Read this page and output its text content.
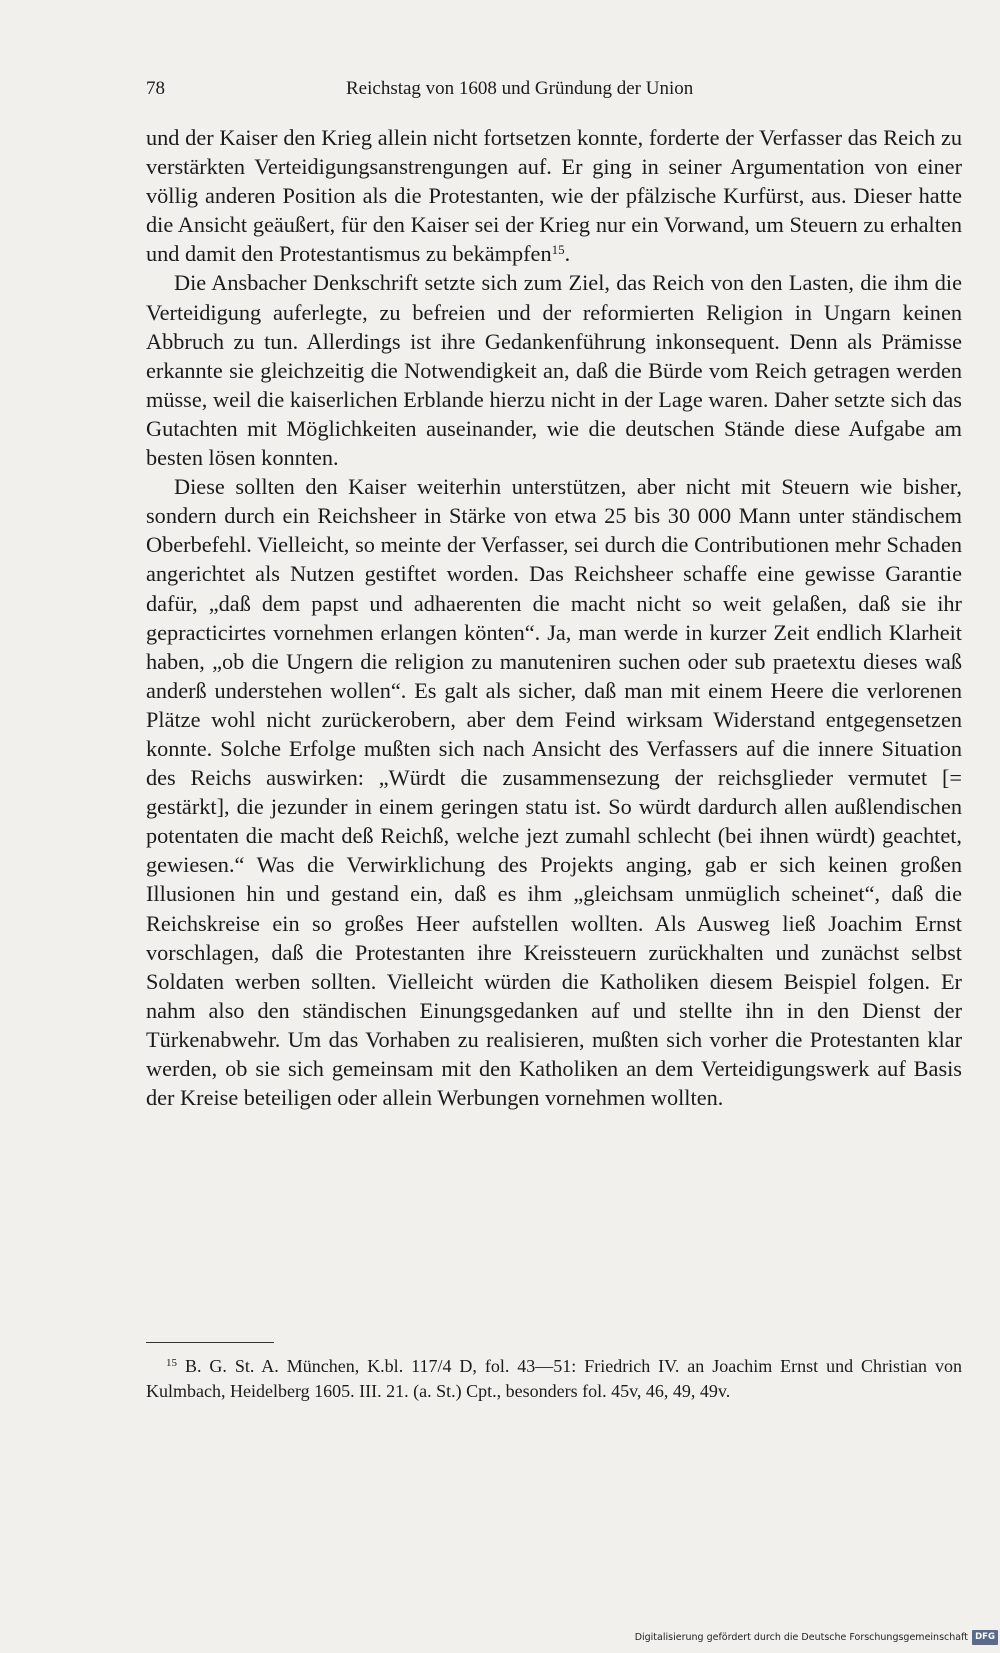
78	Reichstag von 1608 und Gründung der Union

und der Kaiser den Krieg allein nicht fortsetzen konnte, forderte der Verfasser das Reich zu verstärkten Verteidigungsanstrengungen auf. Er ging in seiner Argumentation von einer völlig anderen Position als die Protestanten, wie der pfälzische Kurfürst, aus. Dieser hatte die Ansicht geäußert, für den Kaiser sei der Krieg nur ein Vorwand, um Steuern zu erhalten und damit den Protestantismus zu bekämpfen$^{15}$.

Die Ansbacher Denkschrift setzte sich zum Ziel, das Reich von den Lasten, die ihm die Verteidigung auferlegte, zu befreien und der reformierten Religion in Ungarn keinen Abbruch zu tun. Allerdings ist ihre Gedankenführung inkonsequent. Denn als Prämisse erkannte sie gleichzeitig die Notwendigkeit an, daß die Bürde vom Reich getragen werden müsse, weil die kaiserlichen Erblande hierzu nicht in der Lage waren. Daher setzte sich das Gutachten mit Möglichkeiten auseinander, wie die deutschen Stände diese Aufgabe am besten lösen konnten.

Diese sollten den Kaiser weiterhin unterstützen, aber nicht mit Steuern wie bisher, sondern durch ein Reichsheer in Stärke von etwa 25 bis 30 000 Mann unter ständischem Oberbefehl. Vielleicht, so meinte der Verfasser, sei durch die Contributionen mehr Schaden angerichtet als Nutzen gestiftet worden. Das Reichsheer schaffe eine gewisse Garantie dafür, „daß dem papst und adhaerenten die macht nicht so weit gelaßen, daß sie ihr gepracticirtes vornehmen erlangen könten“. Ja, man werde in kurzer Zeit endlich Klarheit haben, „ob die Ungern die religion zu manuteniren suchen oder sub praetextu dieses waß anderß understehen wollen“. Es galt als sicher, daß man mit einem Heere die verlorenen Plätze wohl nicht zurückerobern, aber dem Feind wirksam Widerstand entgegensetzen konnte. Solche Erfolge mußten sich nach Ansicht des Verfassers auf die innere Situation des Reichs auswirken: „Würdt die zusammensezung der reichsglieder vermutet [= gestärkt], die jezunder in einem geringen statu ist. So würdt dardurch allen außlendischen potentaten die macht deß Reichß, welche jezt zumahl schlecht (bei ihnen würdt) geachtet, gewiesen.“ Was die Verwirklichung des Projekts anging, gab er sich keinen großen Illusionen hin und gestand ein, daß es ihm „gleichsam unmüglich scheinet“, daß die Reichskreise ein so großes Heer aufstellen wollten. Als Ausweg ließ Joachim Ernst vorschlagen, daß die Protestanten ihre Kreissteuern zurückhalten und zunächst selbst Soldaten werben sollten. Vielleicht würden die Katholiken diesem Beispiel folgen. Er nahm also den ständischen Einungsgedanken auf und stellte ihn in den Dienst der Türkenabwehr. Um das Vorhaben zu realisieren, mußten sich vorher die Protestanten klar werden, ob sie sich gemeinsam mit den Katholiken an dem Verteidigungswerk auf Basis der Kreise beteiligen oder allein Werbungen vornehmen wollten.

$^{15}$ B. G. St. A. München, K.bl. 117/4 D, fol. 43—51: Friedrich IV. an Joachim Ernst und Christian von Kulmbach, Heidelberg 1605. III. 21. (a. St.) Cpt., besonders fol. 45v, 46, 49, 49v.

Digitalisierung gefördert durch die Deutsche Forschungsgemeinschaft DFG
